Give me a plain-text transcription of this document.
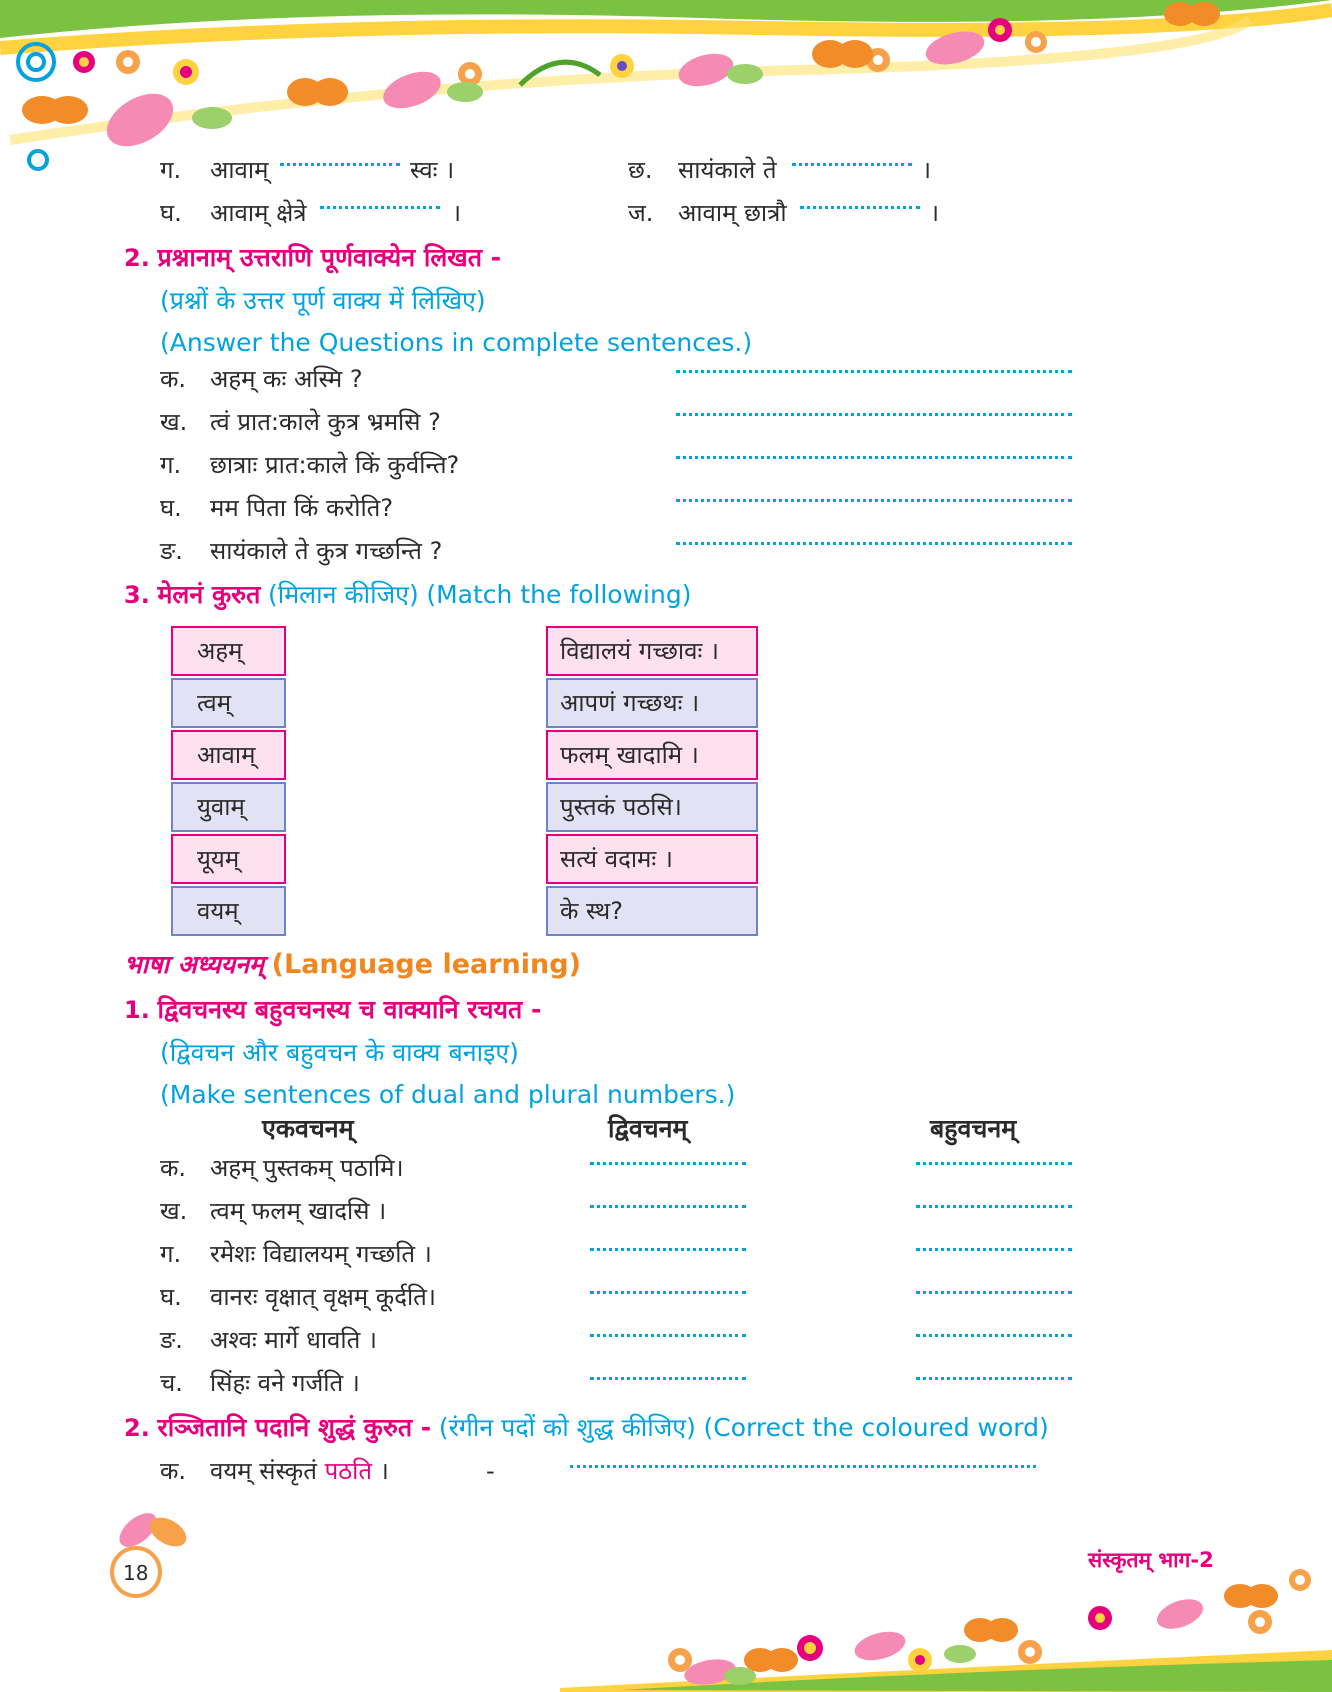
ग.	आवाम्	स्वः ।
घ.	आवाम् क्षेत्रे	।
छ.	सायंकाले ते	।
ज.	आवाम् छात्रौ	।
2. प्रश्नानाम् उत्तराणि पूर्णवाक्येन लिखत -
(प्रश्नों के उत्तर पूर्ण वाक्य में लिखिए)
(Answer the Questions in complete sentences.)
क. अहम् कः अस्मि ?
ख. त्वं प्रात:काले कुत्र भ्रमसि ?
ग.	छात्राः प्रात:काले किं कुर्वन्ति?
घ.	मम पिता किं करोति?
ङ.	सायंकाले ते कुत्र गच्छन्ति ?
3. मेलनं कुरुत (मिलान कीजिए) (Match the following)
अहम्
त्वम्
आवाम्
युवाम्
यूयम्
वयम्
विद्यालयं गच्छावः ।
आपणं गच्छथः ।
फलम् खादामि ।
पुस्तकं पठसि।
सत्यं वदामः ।
के स्थ?
भाषा अध्ययनम् (Language learning)
1. द्विवचनस्य बहुवचनस्य च वाक्यानि रचयत -
(द्विवचन और बहुवचन के वाक्य बनाइए)
(Make sentences of dual and plural numbers.)
एकवचनम्	द्विवचनम्	बहुवचनम्
क. अहम् पुस्तकम् पठामि।
ख. त्वम् फलम् खादसि ।
ग.	रमेशः विद्यालयम् गच्छति ।
घ.	वानरः वृक्षात् वृक्षम् कूर्दति।
ङ.	अश्वः मार्गे धावति ।
च.	सिंहः वने गर्जति ।
2. रञ्जितानि पदानि शुद्धं कुरुत - (रंगीन पदों को शुद्ध कीजिए) (Correct the coloured word)
क. वयम् संस्कृतं पठति ।	-
18
संस्कृतम् भाग-2
